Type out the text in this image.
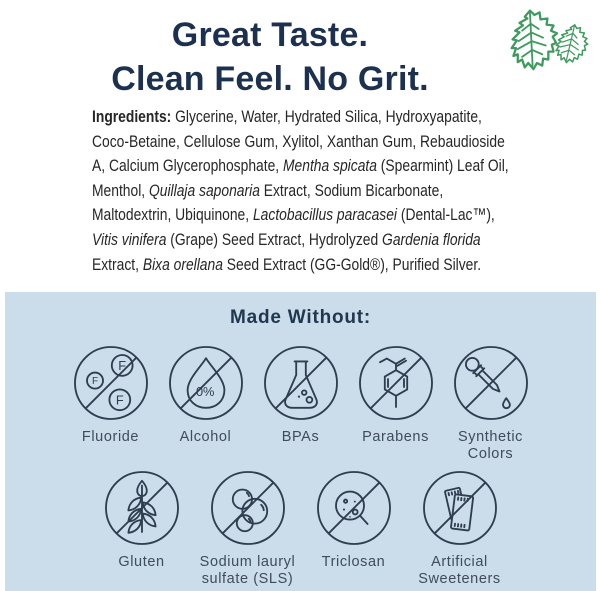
Great Taste.
Clean Feel. No Grit.

Ingredients: Glycerine, Water, Hydrated Silica, Hydroxyapatite, Coco-Betaine, Cellulose Gum, Xylitol, Xanthan Gum, Rebaudioside A, Calcium Glycerophosphate, Mentha spicata (Spearmint) Leaf Oil, Menthol, Quillaja saponaria Extract, Sodium Bicarbonate, Maltodextrin, Ubiquinone, Lactobacillus paracasei (Dental-Lac™), Vitis vinifera (Grape) Seed Extract, Hydrolyzed Gardenia florida Extract, Bixa orellana Seed Extract (GG-Gold®), Purified Silver.

Made Without:
F
F
F
Fluoride
0%
Alcohol	BPAs	Parabens	Synthetic Colors
Gluten	Sodium lauryl sulfate (SLS)
Triclosan	Artificial Sweeteners
